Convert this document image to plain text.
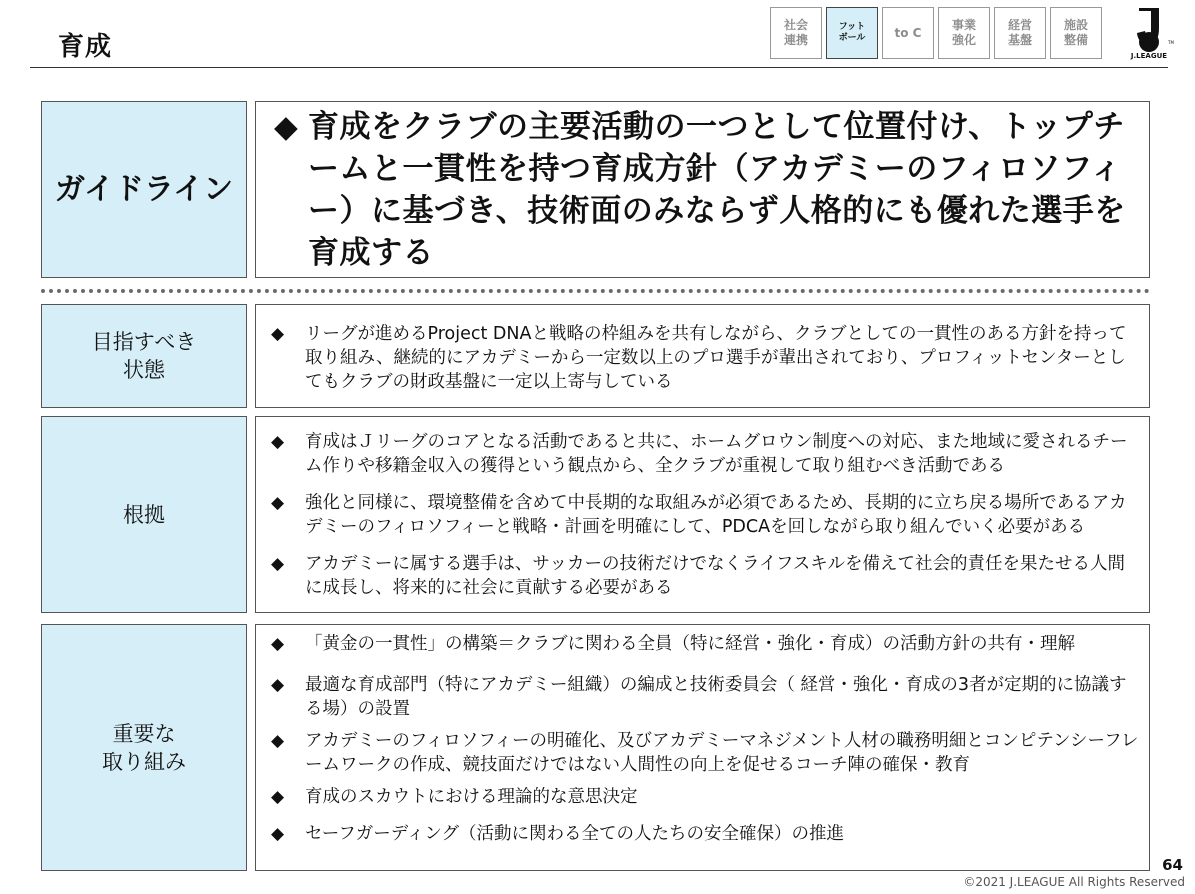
育成
社会
連携
フット
ボール	to C
事業
強化
経営
基盤
施設
整備	TM
J.LEAGUE
ガイドライン
◆ 育成をクラブの主要活動の一つとして位置付け、トップチームと一貫性を持つ育成方針（アカデミーのフィロソフィー）に基づき、技術面のみならず人格的にも優れた選手を育成する
目指すべき
状態
◆ リーグが進めるProject DNAと戦略の枠組みを共有しながら、クラブとしての一貫性のある方針を持って取り組み、継続的にアカデミーから一定数以上のプロ選手が輩出されており、プロフィットセンターとしてもクラブの財政基盤に一定以上寄与している
根拠
◆ 育成はＪリーグのコアとなる活動であると共に、ホームグロウン制度への対応、また地域に愛されるチーム作りや移籍金収入の獲得という観点から、全クラブが重視して取り組むべき活動である
◆ 強化と同様に、環境整備を含めて中長期的な取組みが必須であるため、長期的に立ち戻る場所であるアカデミーのフィロソフィーと戦略・計画を明確にして、PDCAを回しながら取り組んでいく必要がある
◆ アカデミーに属する選手は、サッカーの技術だけでなくライフスキルを備えて社会的責任を果たせる人間に成長し、将来的に社会に貢献する必要がある
重要な
取り組み
◆ 「黄金の一貫性」の構築＝クラブに関わる全員（特に経営・強化・育成）の活動方針の共有・理解
◆ 最適な育成部門（特にアカデミー組織）の編成と技術委員会（ 経営・強化・育成の3者が定期的に協議する場）の設置
◆ アカデミーのフィロソフィーの明確化、及びアカデミーマネジメント人材の職務明細とコンピテンシーフレームワークの作成、競技面だけではない人間性の向上を促せるコーチ陣の確保・教育
◆ 育成のスカウトにおける理論的な意思決定
◆ セーフガーディング（活動に関わる全ての人たちの安全確保）の推進
64
©2021 J.LEAGUE All Rights Reserved
